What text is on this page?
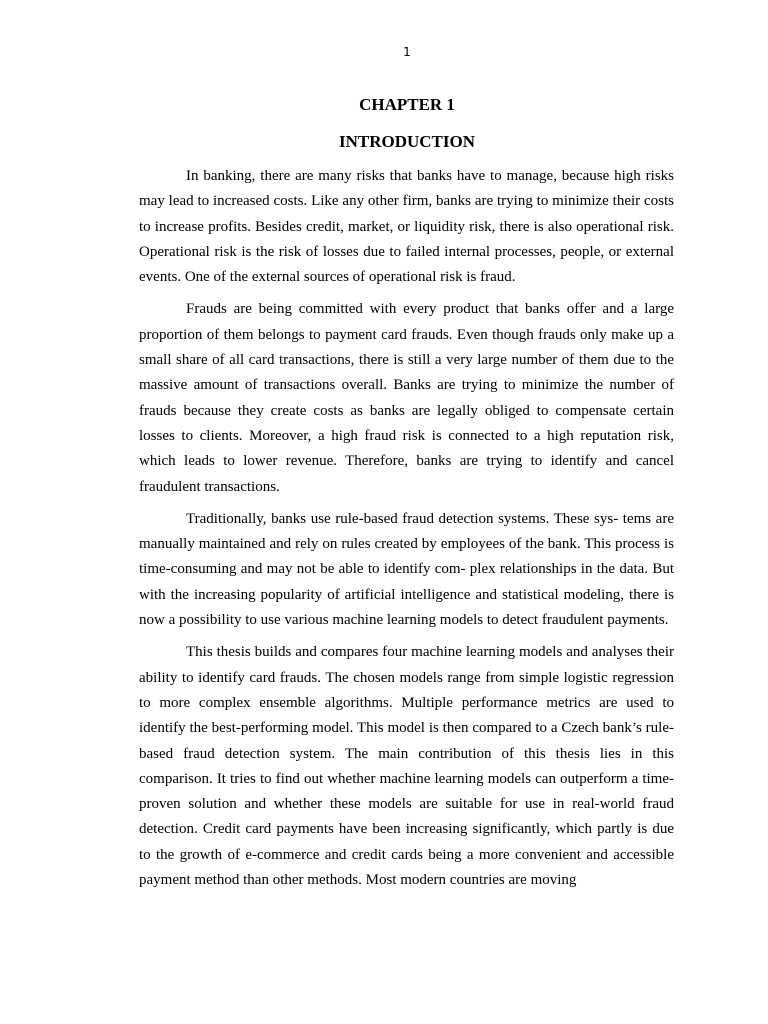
1
CHAPTER 1
INTRODUCTION

In banking, there are many risks that banks have to manage, because high risks may lead to increased costs. Like any other firm, banks are trying to minimize their costs to increase profits. Besides credit, market, or liquidity risk, there is also operational risk. Operational risk is the risk of losses due to failed internal processes, people, or external events. One of the external sources of operational risk is fraud.

Frauds are being committed with every product that banks offer and a large proportion of them belongs to payment card frauds. Even though frauds only make up a small share of all card transactions, there is still a very large number of them due to the massive amount of transactions overall. Banks are trying to minimize the number of frauds because they create costs as banks are legally obliged to compensate certain losses to clients. Moreover, a high fraud risk is connected to a high reputation risk, which leads to lower revenue. Therefore, banks are trying to identify and cancel fraudulent transactions.

Traditionally, banks use rule-based fraud detection systems. These sys- tems are manually maintained and rely on rules created by employees of the bank. This process is time-consuming and may not be able to identify com- plex relationships in the data. But with the increasing popularity of artificial intelligence and statistical modeling, there is now a possibility to use various machine learning models to detect fraudulent payments.

This thesis builds and compares four machine learning models and analyses their ability to identify card frauds. The chosen models range from simple logistic regression to more complex ensemble algorithms. Multiple performance metrics are used to identify the best-performing model. This model is then compared to a Czech bank’s rule-based fraud detection system. The main contribution of this thesis lies in this comparison. It tries to find out whether machine learning models can outperform a time-proven solution and whether these models are suitable for use in real-world fraud detection. Credit card payments have been increasing significantly, which partly is due to the growth of e-commerce and credit cards being a more convenient and accessible payment method than other methods. Most modern countries are moving
